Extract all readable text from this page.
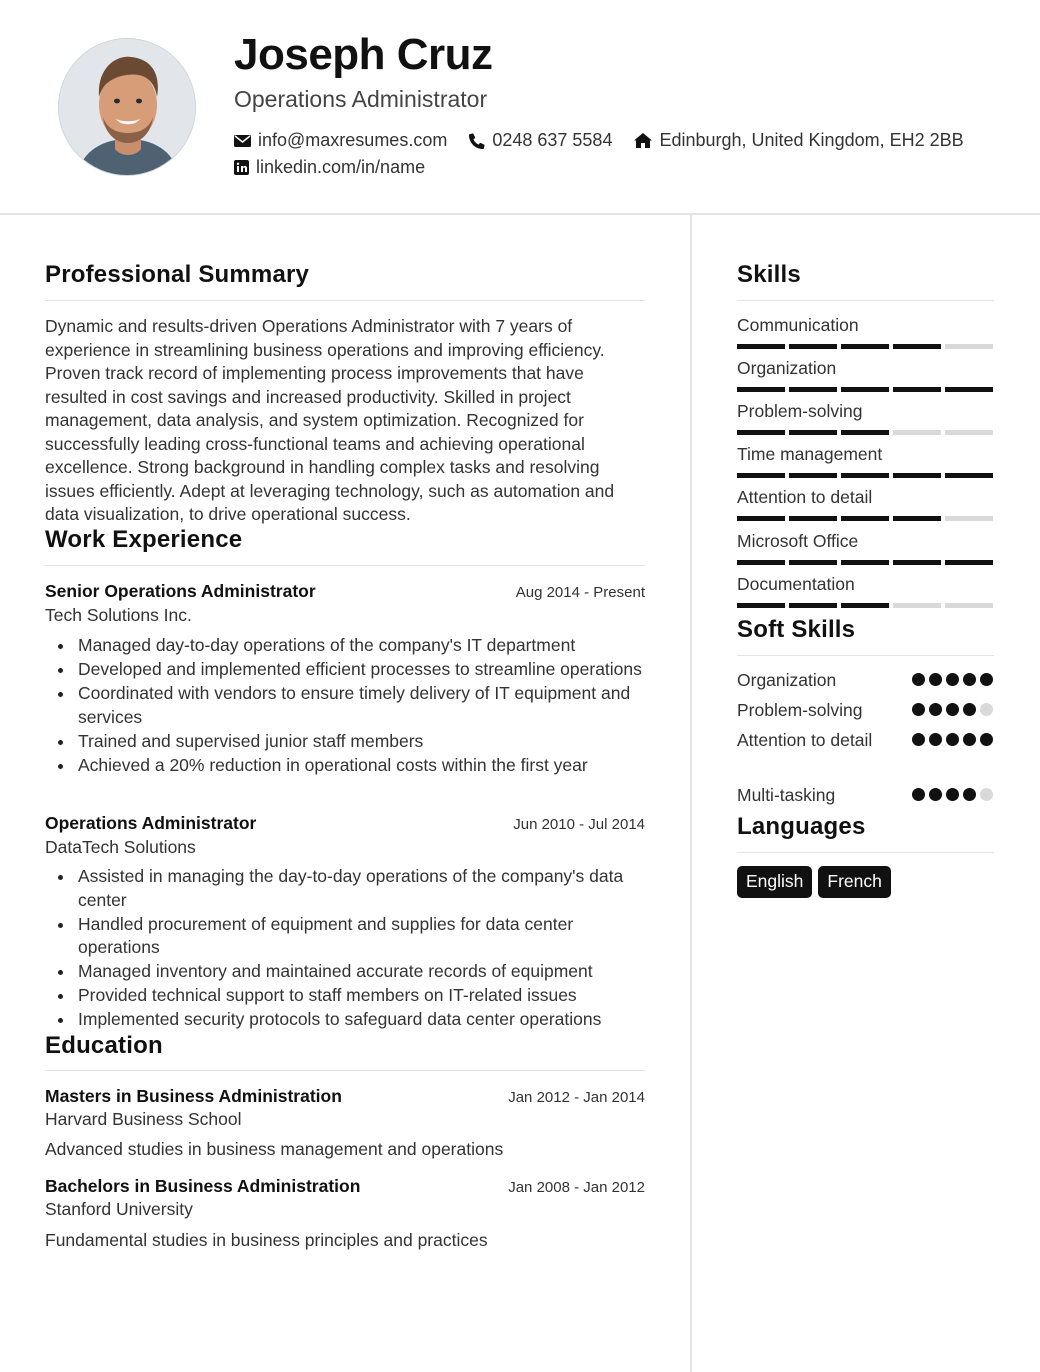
Joseph Cruz
Operations Administrator
info@maxresumes.com	0248 637 5584	Edinburgh, United Kingdom, EH2 2BB
linkedin.com/in/name
Professional Summary
Dynamic and results-driven Operations Administrator with 7 years of experience in streamlining business operations and improving efficiency. Proven track record of implementing process improvements that have resulted in cost savings and increased productivity. Skilled in project management, data analysis, and system optimization. Recognized for successfully leading cross-functional teams and achieving operational excellence. Strong background in handling complex tasks and resolving issues efficiently. Adept at leveraging technology, such as automation and data visualization, to drive operational success.
Work Experience
Senior Operations Administrator	Aug 2014 - Present
Tech Solutions Inc.
Managed day-to-day operations of the company's IT department
Developed and implemented efficient processes to streamline operations
Coordinated with vendors to ensure timely delivery of IT equipment and services
Trained and supervised junior staff members
Achieved a 20% reduction in operational costs within the first year
Operations Administrator	Jun 2010 - Jul 2014
DataTech Solutions
Assisted in managing the day-to-day operations of the company's data center
Handled procurement of equipment and supplies for data center operations
Managed inventory and maintained accurate records of equipment
Provided technical support to staff members on IT-related issues
Implemented security protocols to safeguard data center operations
Education
Masters in Business Administration	Jan 2012 - Jan 2014
Harvard Business School
Advanced studies in business management and operations
Bachelors in Business Administration	Jan 2008 - Jan 2012
Stanford University
Fundamental studies in business principles and practices
Skills
Communication
Organization
Problem-solving
Time management
Attention to detail
Microsoft Office
Documentation
Soft Skills
Organization
Problem-solving
Attention to detail
Multi-tasking
Languages
English	French
